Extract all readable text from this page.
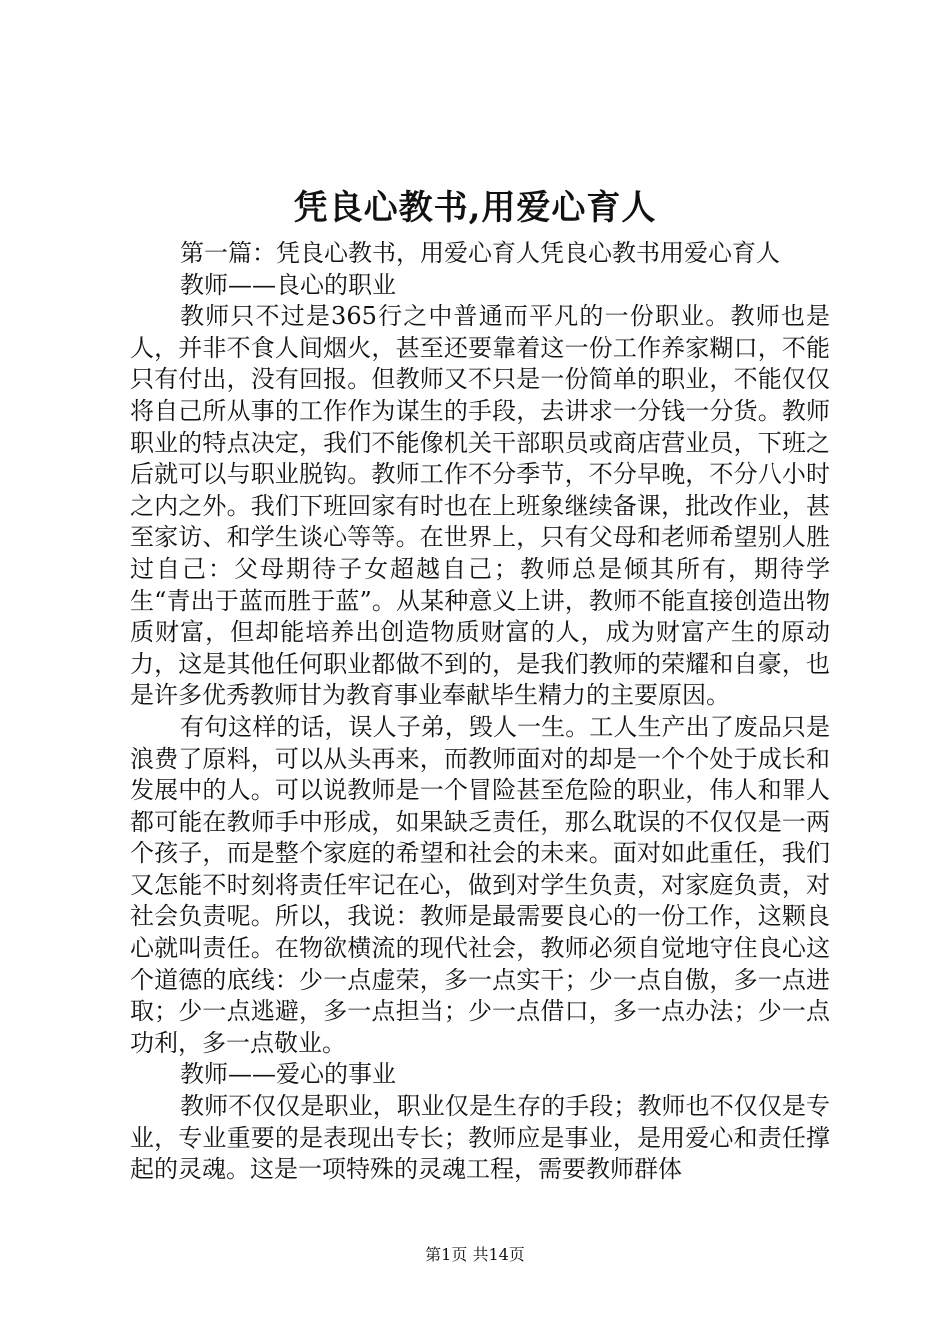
凭良心教书,用爱心育人

第一篇：凭良心教书，用爱心育人凭良心教书用爱心育人

教师——良心的职业

教师只不过是365行之中普通而平凡的一份职业。教师也是人，并非不食人间烟火，甚至还要靠着这一份工作养家糊口，不能只有付出，没有回报。但教师又不只是一份简单的职业，不能仅仅将自己所从事的工作作为谋生的手段，去讲求一分钱一分货。教师职业的特点决定，我们不能像机关干部职员或商店营业员，下班之后就可以与职业脱钩。教师工作不分季节，不分早晚，不分八小时之内之外。我们下班回家有时也在上班象继续备课，批改作业，甚至家访、和学生谈心等等。在世界上，只有父母和老师希望别人胜过自己：父母期待子女超越自己；教师总是倾其所有，期待学生“青出于蓝而胜于蓝”。从某种意义上讲，教师不能直接创造出物质财富，但却能培养出创造物质财富的人，成为财富产生的原动力，这是其他任何职业都做不到的，是我们教师的荣耀和自豪，也是许多优秀教师甘为教育事业奉献毕生精力的主要原因。

有句这样的话，误人子弟，毁人一生。工人生产出了废品只是浪费了原料，可以从头再来，而教师面对的却是一个个处于成长和发展中的人。可以说教师是一个冒险甚至危险的职业，伟人和罪人都可能在教师手中形成，如果缺乏责任，那么耽误的不仅仅是一两个孩子，而是整个家庭的希望和社会的未来。面对如此重任，我们又怎能不时刻将责任牢记在心，做到对学生负责，对家庭负责，对社会负责呢。所以，我说：教师是最需要良心的一份工作，这颗良心就叫责任。在物欲横流的现代社会，教师必须自觉地守住良心这个道德的底线：少一点虚荣，多一点实干；少一点自傲，多一点进取；少一点逃避，多一点担当；少一点借口，多一点办法；少一点功利，多一点敬业。

教师——爱心的事业

教师不仅仅是职业，职业仅是生存的手段；教师也不仅仅是专业，专业重要的是表现出专长；教师应是事业，是用爱心和责任撑起的灵魂。这是一项特殊的灵魂工程，需要教师群体

第1页 共14页
